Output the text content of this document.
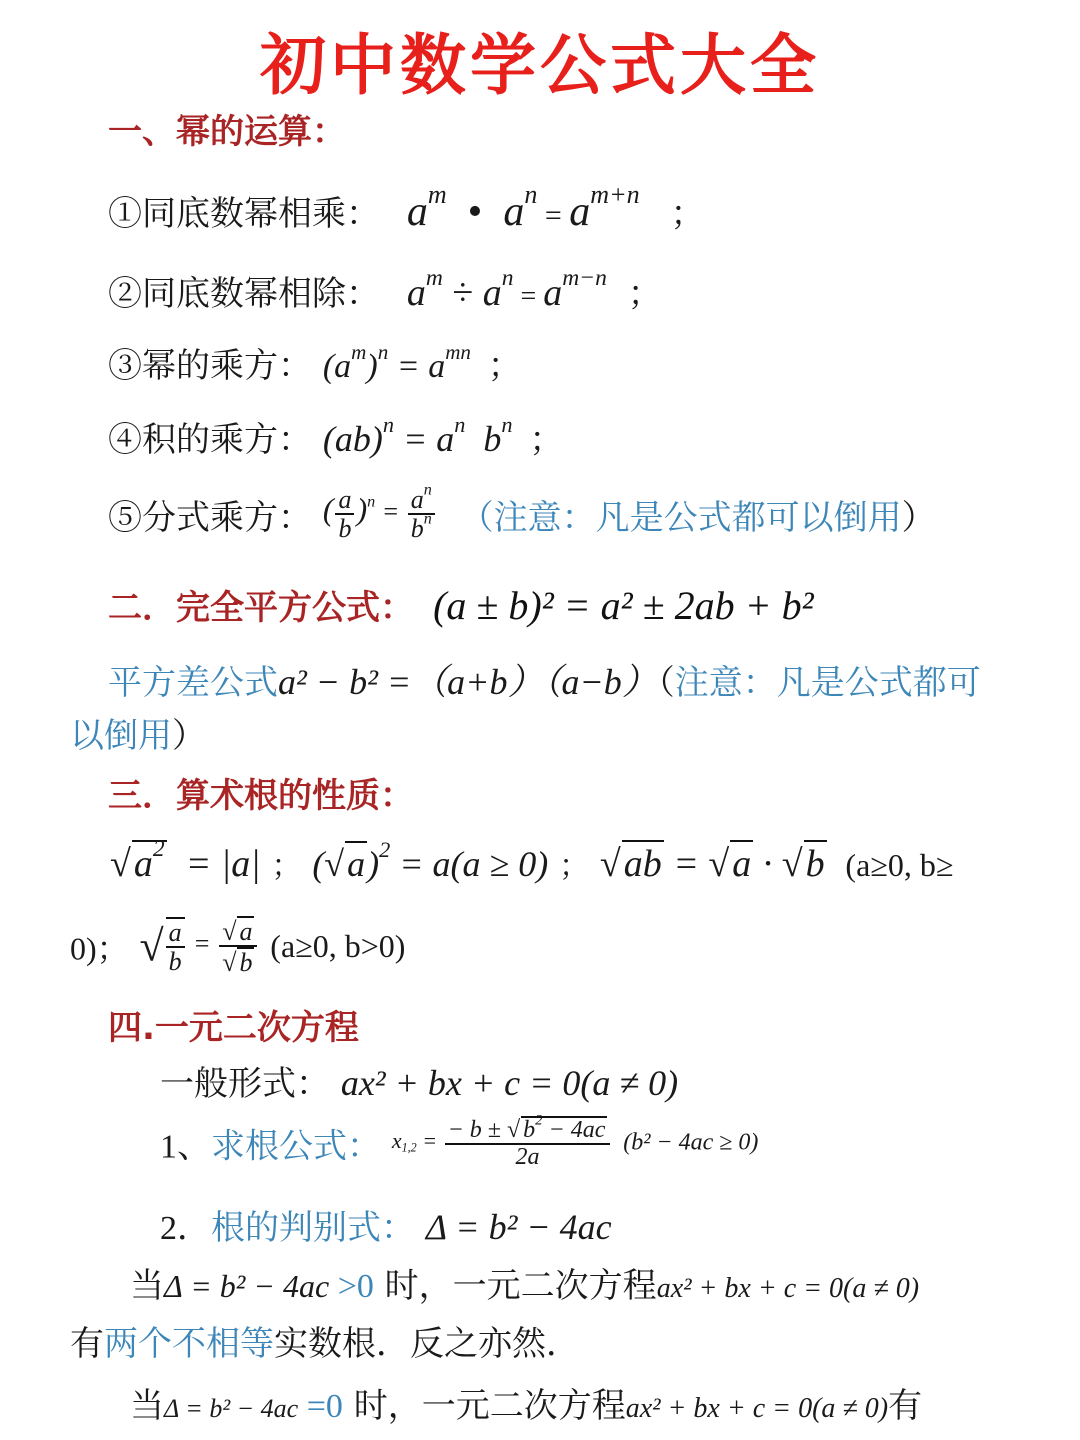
初中数学公式大全
一、幂的运算：
①同底数幂相乘： $a^m$  •  $a^n = a^{m+n}$ ；
②同底数幂相除： $a^m \div a^n = a^{m-n}$ ；
③幂的乘方： $(a^m)^n = a^{mn}$ ；
④积的乘方： $(ab)^n = a^n$  $b^n$ ；
⑤分式乘方： ( $\frac{a}{b} )^n = \frac{a^n}{b^n}$ （注意：凡是公式都可以倒用）
二．完全平方公式： (a ± b)² = a² ± 2ab + b²
平方差公式a² − b² =（a+b）（a−b）（注意：凡是公式都可
以倒用）
三．算术根的性质：
$√a^2 = |a|$ ； $(√a)^2 = a(a \ge 0)$ ； √ab = √a · √b (a≥0, b≥
0)； √ $\frac{a}{b} = \frac{√ a}{√ b} (a\ge 0$, b>0)
四.一元二次方程
一般形式： ax² + bx + c = 0(a ≠ 0)
1、求根公式： $x_{1,2} = \frac{- b \pm √ b^2 - 4ac}{2a} (b^2 - 4ac \ge 0)$
2．根的判别式： Δ = b² − 4ac
当Δ = b² − 4ac >0 时，一元二次方程ax² + bx + c = 0(a ≠ 0)
有两个不相等实数根．反之亦然．
当Δ = b² − 4ac =0 时，一元二次方程ax² + bx + c = 0(a ≠ 0)有
